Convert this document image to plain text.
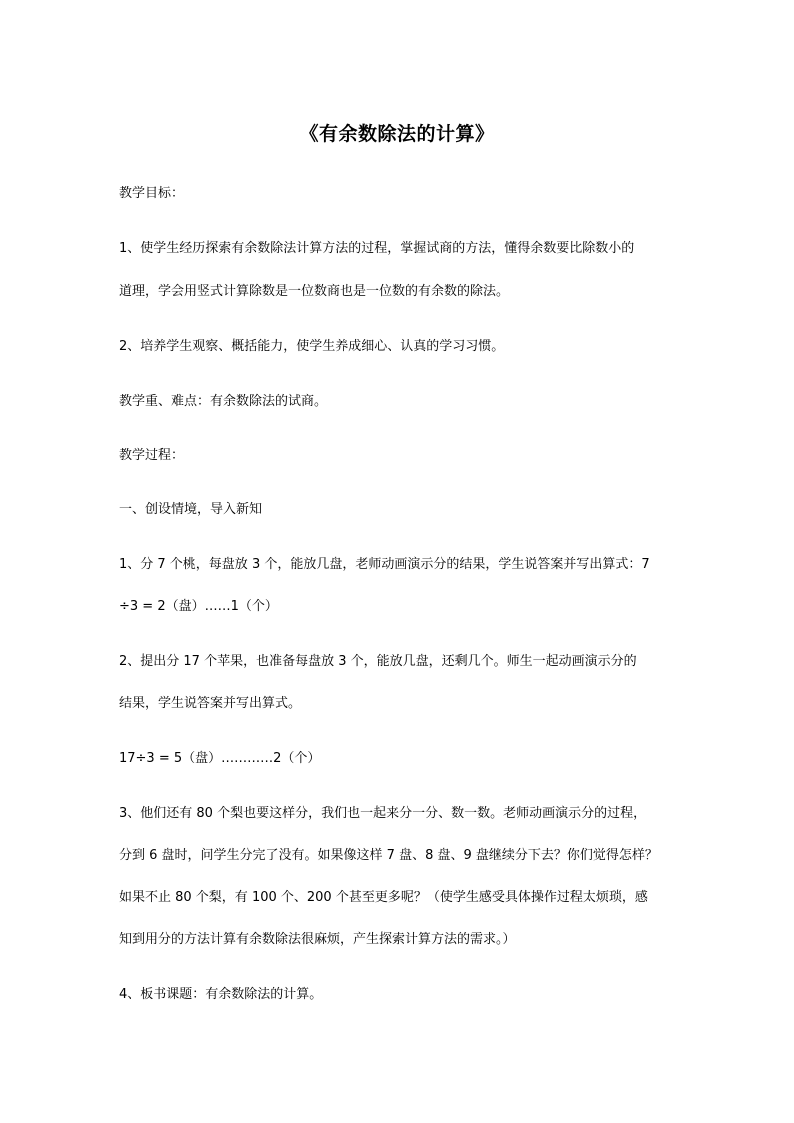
《有余数除法的计算》
教学目标：
1、使学生经历探索有余数除法计算方法的过程，掌握试商的方法，懂得余数要比除数小的
道理，学会用竖式计算除数是一位数商也是一位数的有余数的除法。
2、培养学生观察、概括能力，使学生养成细心、认真的学习习惯。
教学重、难点：有余数除法的试商。
教学过程：
一、创设情境，导入新知
1、分 7 个桃，每盘放 3 个，能放几盘，老师动画演示分的结果，学生说答案并写出算式：7
÷3 = 2（盘）……1（个）
2、提出分 17 个苹果，也准备每盘放 3 个，能放几盘，还剩几个。师生一起动画演示分的
结果，学生说答案并写出算式。
17÷3 = 5（盘）…………2（个）
3、他们还有 80 个梨也要这样分，我们也一起来分一分、数一数。老师动画演示分的过程，
分到 6 盘时，问学生分完了没有。如果像这样 7 盘、8 盘、9 盘继续分下去？你们觉得怎样？
如果不止 80 个梨，有 100 个、200 个甚至更多呢？（使学生感受具体操作过程太烦琐，感
知到用分的方法计算有余数除法很麻烦，产生探索计算方法的需求。）
4、板书课题：有余数除法的计算。
